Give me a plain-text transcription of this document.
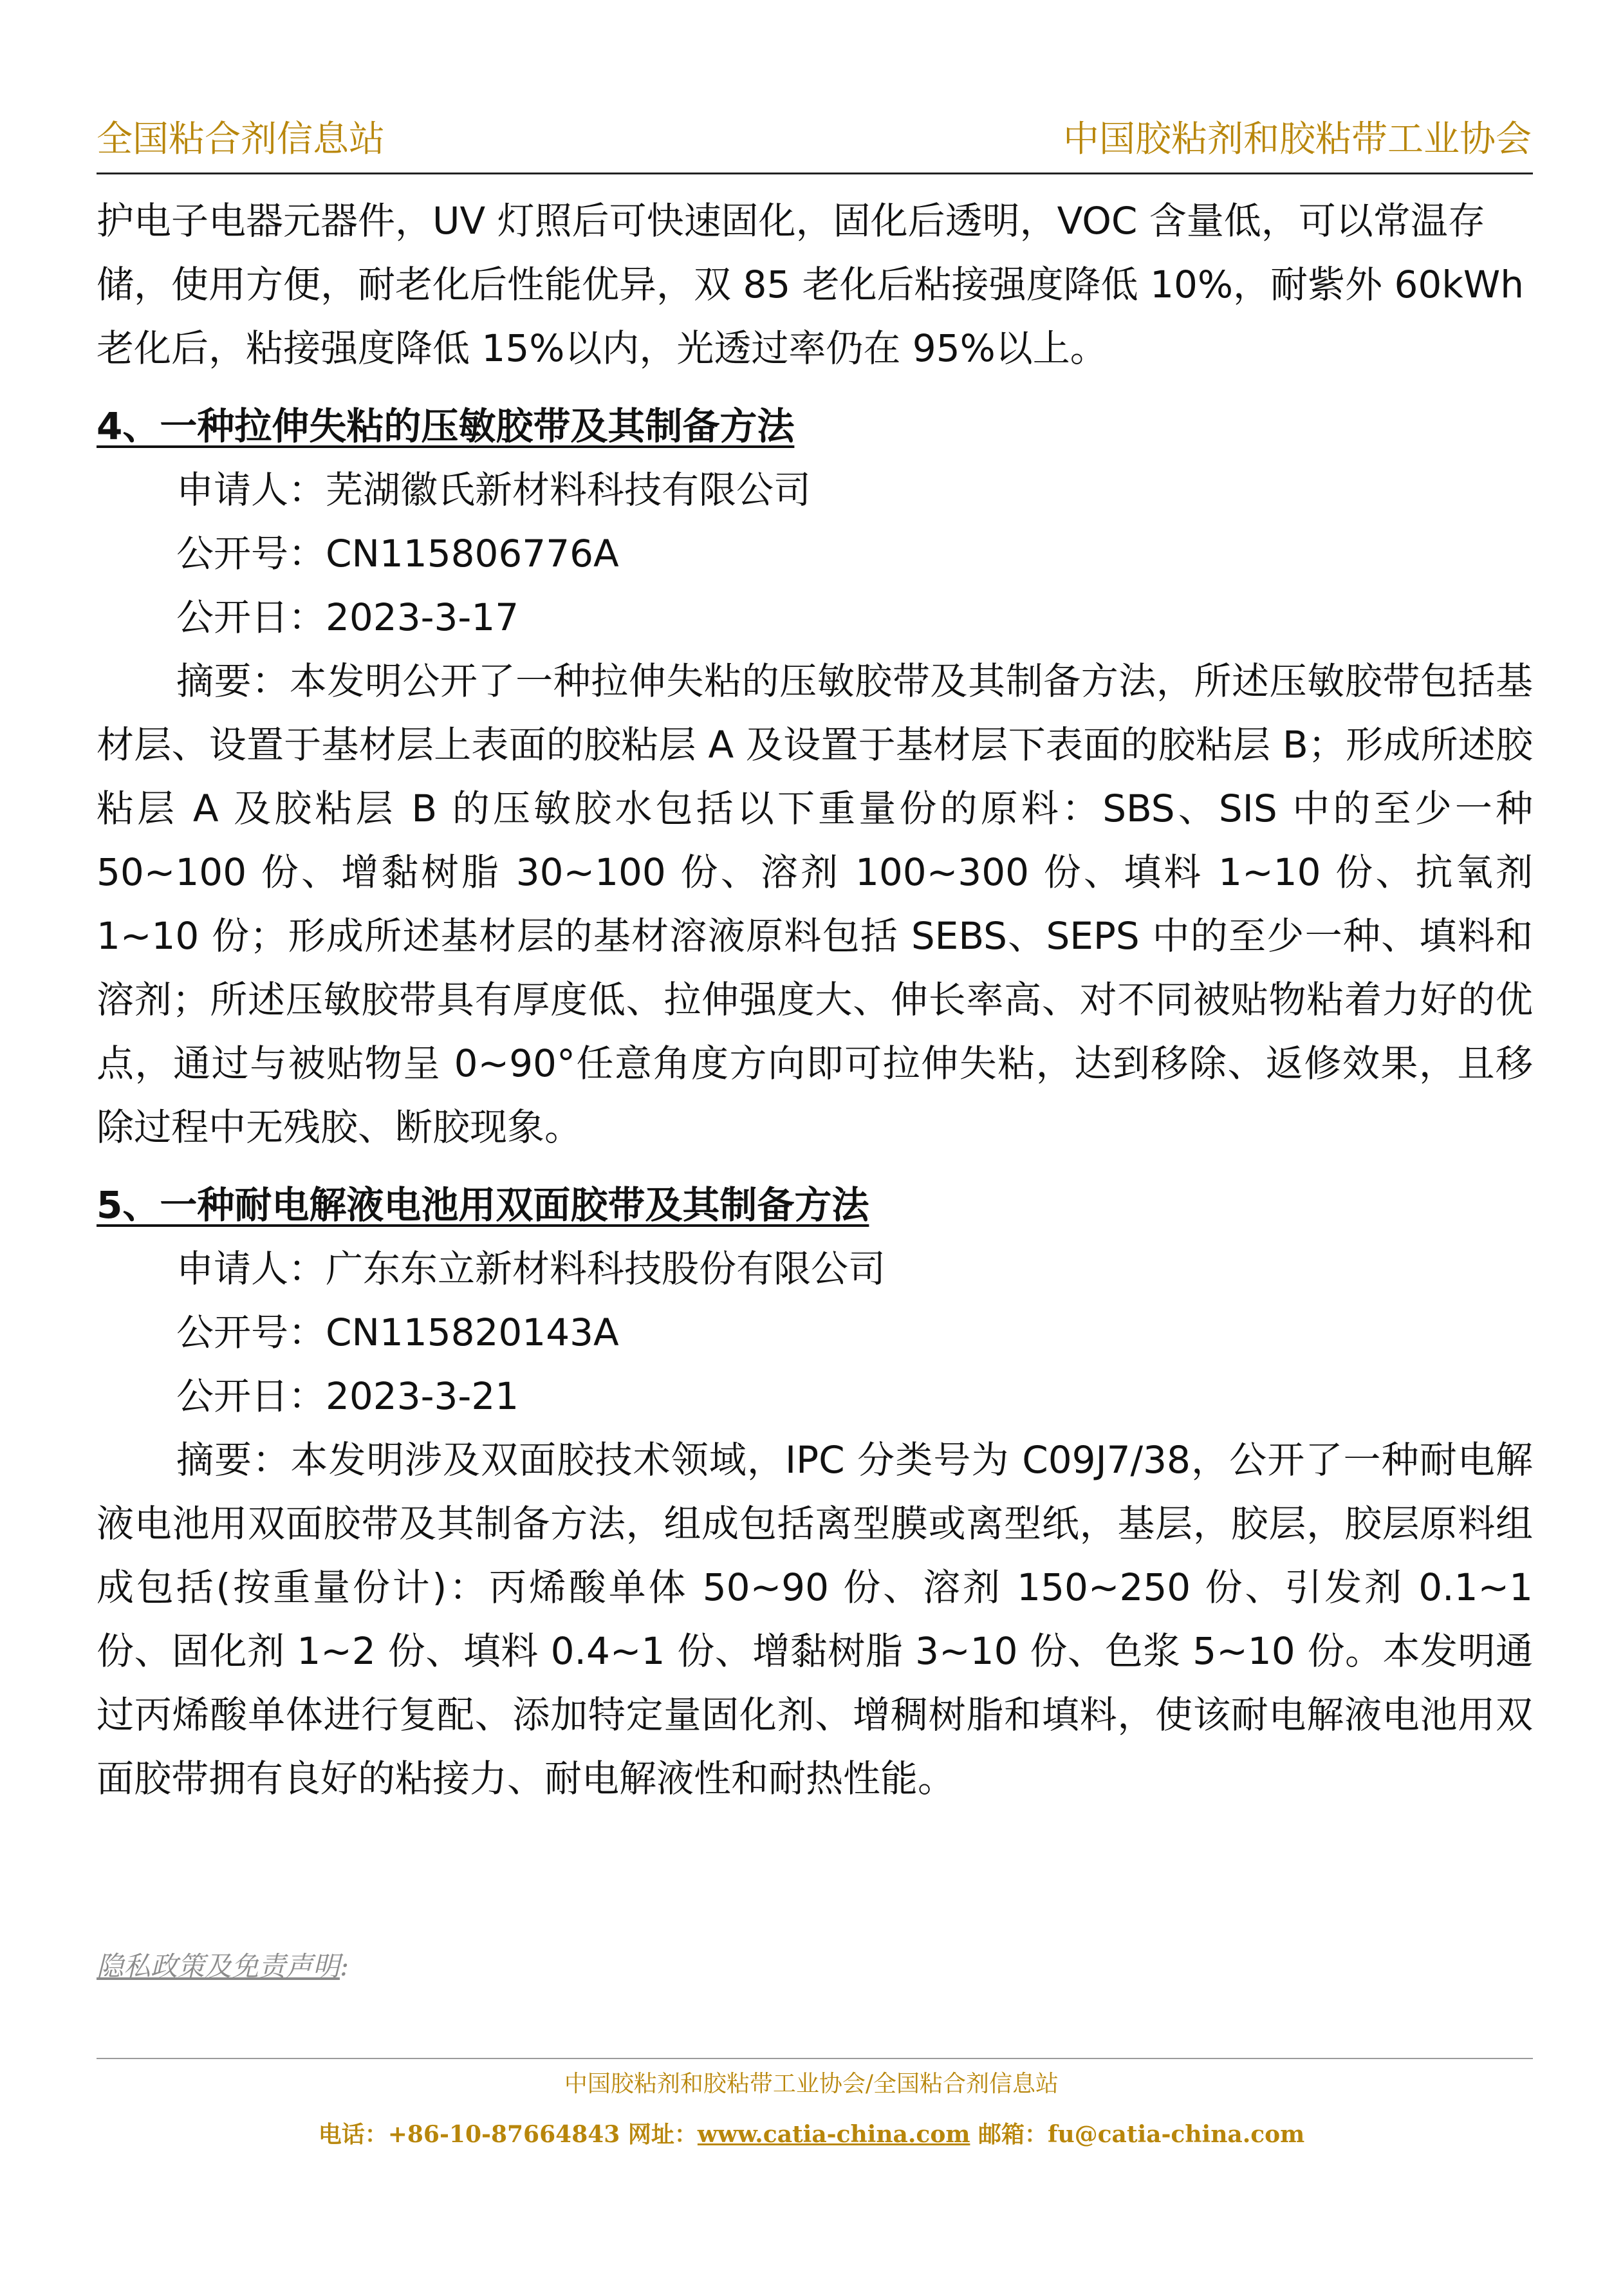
全国粘合剂信息站	中国胶粘剂和胶粘带工业协会

护电子电器元器件，UV 灯照后可快速固化，固化后透明，VOC 含量低，可以常温存

储，使用方便，耐老化后性能优异，双 85 老化后粘接强度降低 10%，耐紫外 60kWh

老化后，粘接强度降低 15%以内，光透过率仍在 95%以上。

4、一种拉伸失粘的压敏胶带及其制备方法

申请人：芜湖徽氏新材料科技有限公司

公开号：CN115806776A

公开日：2023-3-17

摘要：本发明公开了一种拉伸失粘的压敏胶带及其制备方法，所述压敏胶带包括基材层、设置于基材层上表面的胶粘层 A 及设置于基材层下表面的胶粘层 B；形成所述胶粘层 A 及胶粘层 B 的压敏胶水包括以下重量份的原料：SBS、SIS 中的至少一种 50~100 份、增黏树脂 30~100 份、溶剂 100~300 份、填料 1~10 份、抗氧剂 1~10 份；形成所述基材层的基材溶液原料包括 SEBS、SEPS 中的至少一种、填料和溶剂；所述压敏胶带具有厚度低、拉伸强度大、伸长率高、对不同被贴物粘着力好的优点，通过与被贴物呈 0~90°任意角度方向即可拉伸失粘，达到移除、返修效果，且移除过程中无残胶、断胶现象。

5、一种耐电解液电池用双面胶带及其制备方法

申请人：广东东立新材料科技股份有限公司

公开号：CN115820143A

公开日：2023-3-21

摘要：本发明涉及双面胶技术领域，IPC 分类号为 C09J7/38，公开了一种耐电解液电池用双面胶带及其制备方法，组成包括离型膜或离型纸，基层，胶层，胶层原料组成包括(按重量份计)：丙烯酸单体 50~90 份、溶剂 150~250 份、引发剂 0.1~1 份、固化剂 1~2 份、填料 0.4~1 份、增黏树脂 3~10 份、色浆 5~10 份。本发明通过丙烯酸单体进行复配、添加特定量固化剂、增稠树脂和填料，使该耐电解液电池用双面胶带拥有良好的粘接力、耐电解液性和耐热性能。

隐私政策及免责声明:
中国胶粘剂和胶粘带工业协会/全国粘合剂信息站
电话：+86-10-87664843 网址：www.catia-china.com 邮箱：fu@catia-china.com
